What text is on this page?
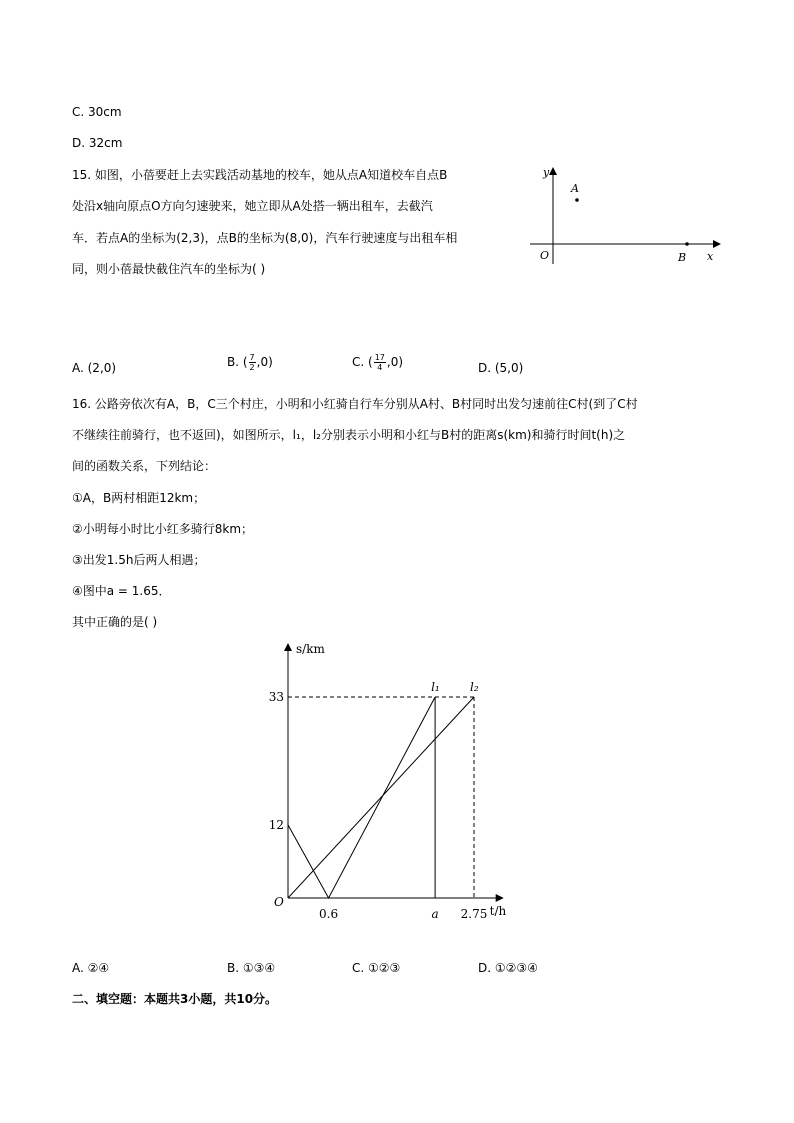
C. 30cm
D. 32cm
15. 如图，小蓓要赶上去实践活动基地的校车，她从点A知道校车自点B
处沿x轴向原点O方向匀速驶来，她立即从A处搭一辆出租车，去截汽
车．若点A的坐标为(2,3)，点B的坐标为(8,0)，汽车行驶速度与出租车相
同，则小蓓最快截住汽车的坐标为( )
y
x
O
A
B
A. (2,0)	B. ( $\frac{7}{2} ,0$)	C. ( $\frac{17}{4} ,0$)	D. (5,0)
16. 公路旁依次有A，B，C三个村庄，小明和小红骑自行车分别从A村、B村同时出发匀速前往C村(到了C村
不继续往前骑行，也不返回)，如图所示，l₁，l₂分别表示小明和小红与B村的距离s(km)和骑行时间t(h)之
间的函数关系，下列结论：
①A，B两村相距12km；
②小明每小时比小红多骑行8km；
③出发1.5h后两人相遇；
④图中a = 1.65．
其中正确的是( )
s/km
t/h
O
0.6	a 2.75
12
33
l₁	l₂
A. ②④	B. ①③④	C. ①②③	D. ①②③④
二、填空题：本题共3小题，共10分。
